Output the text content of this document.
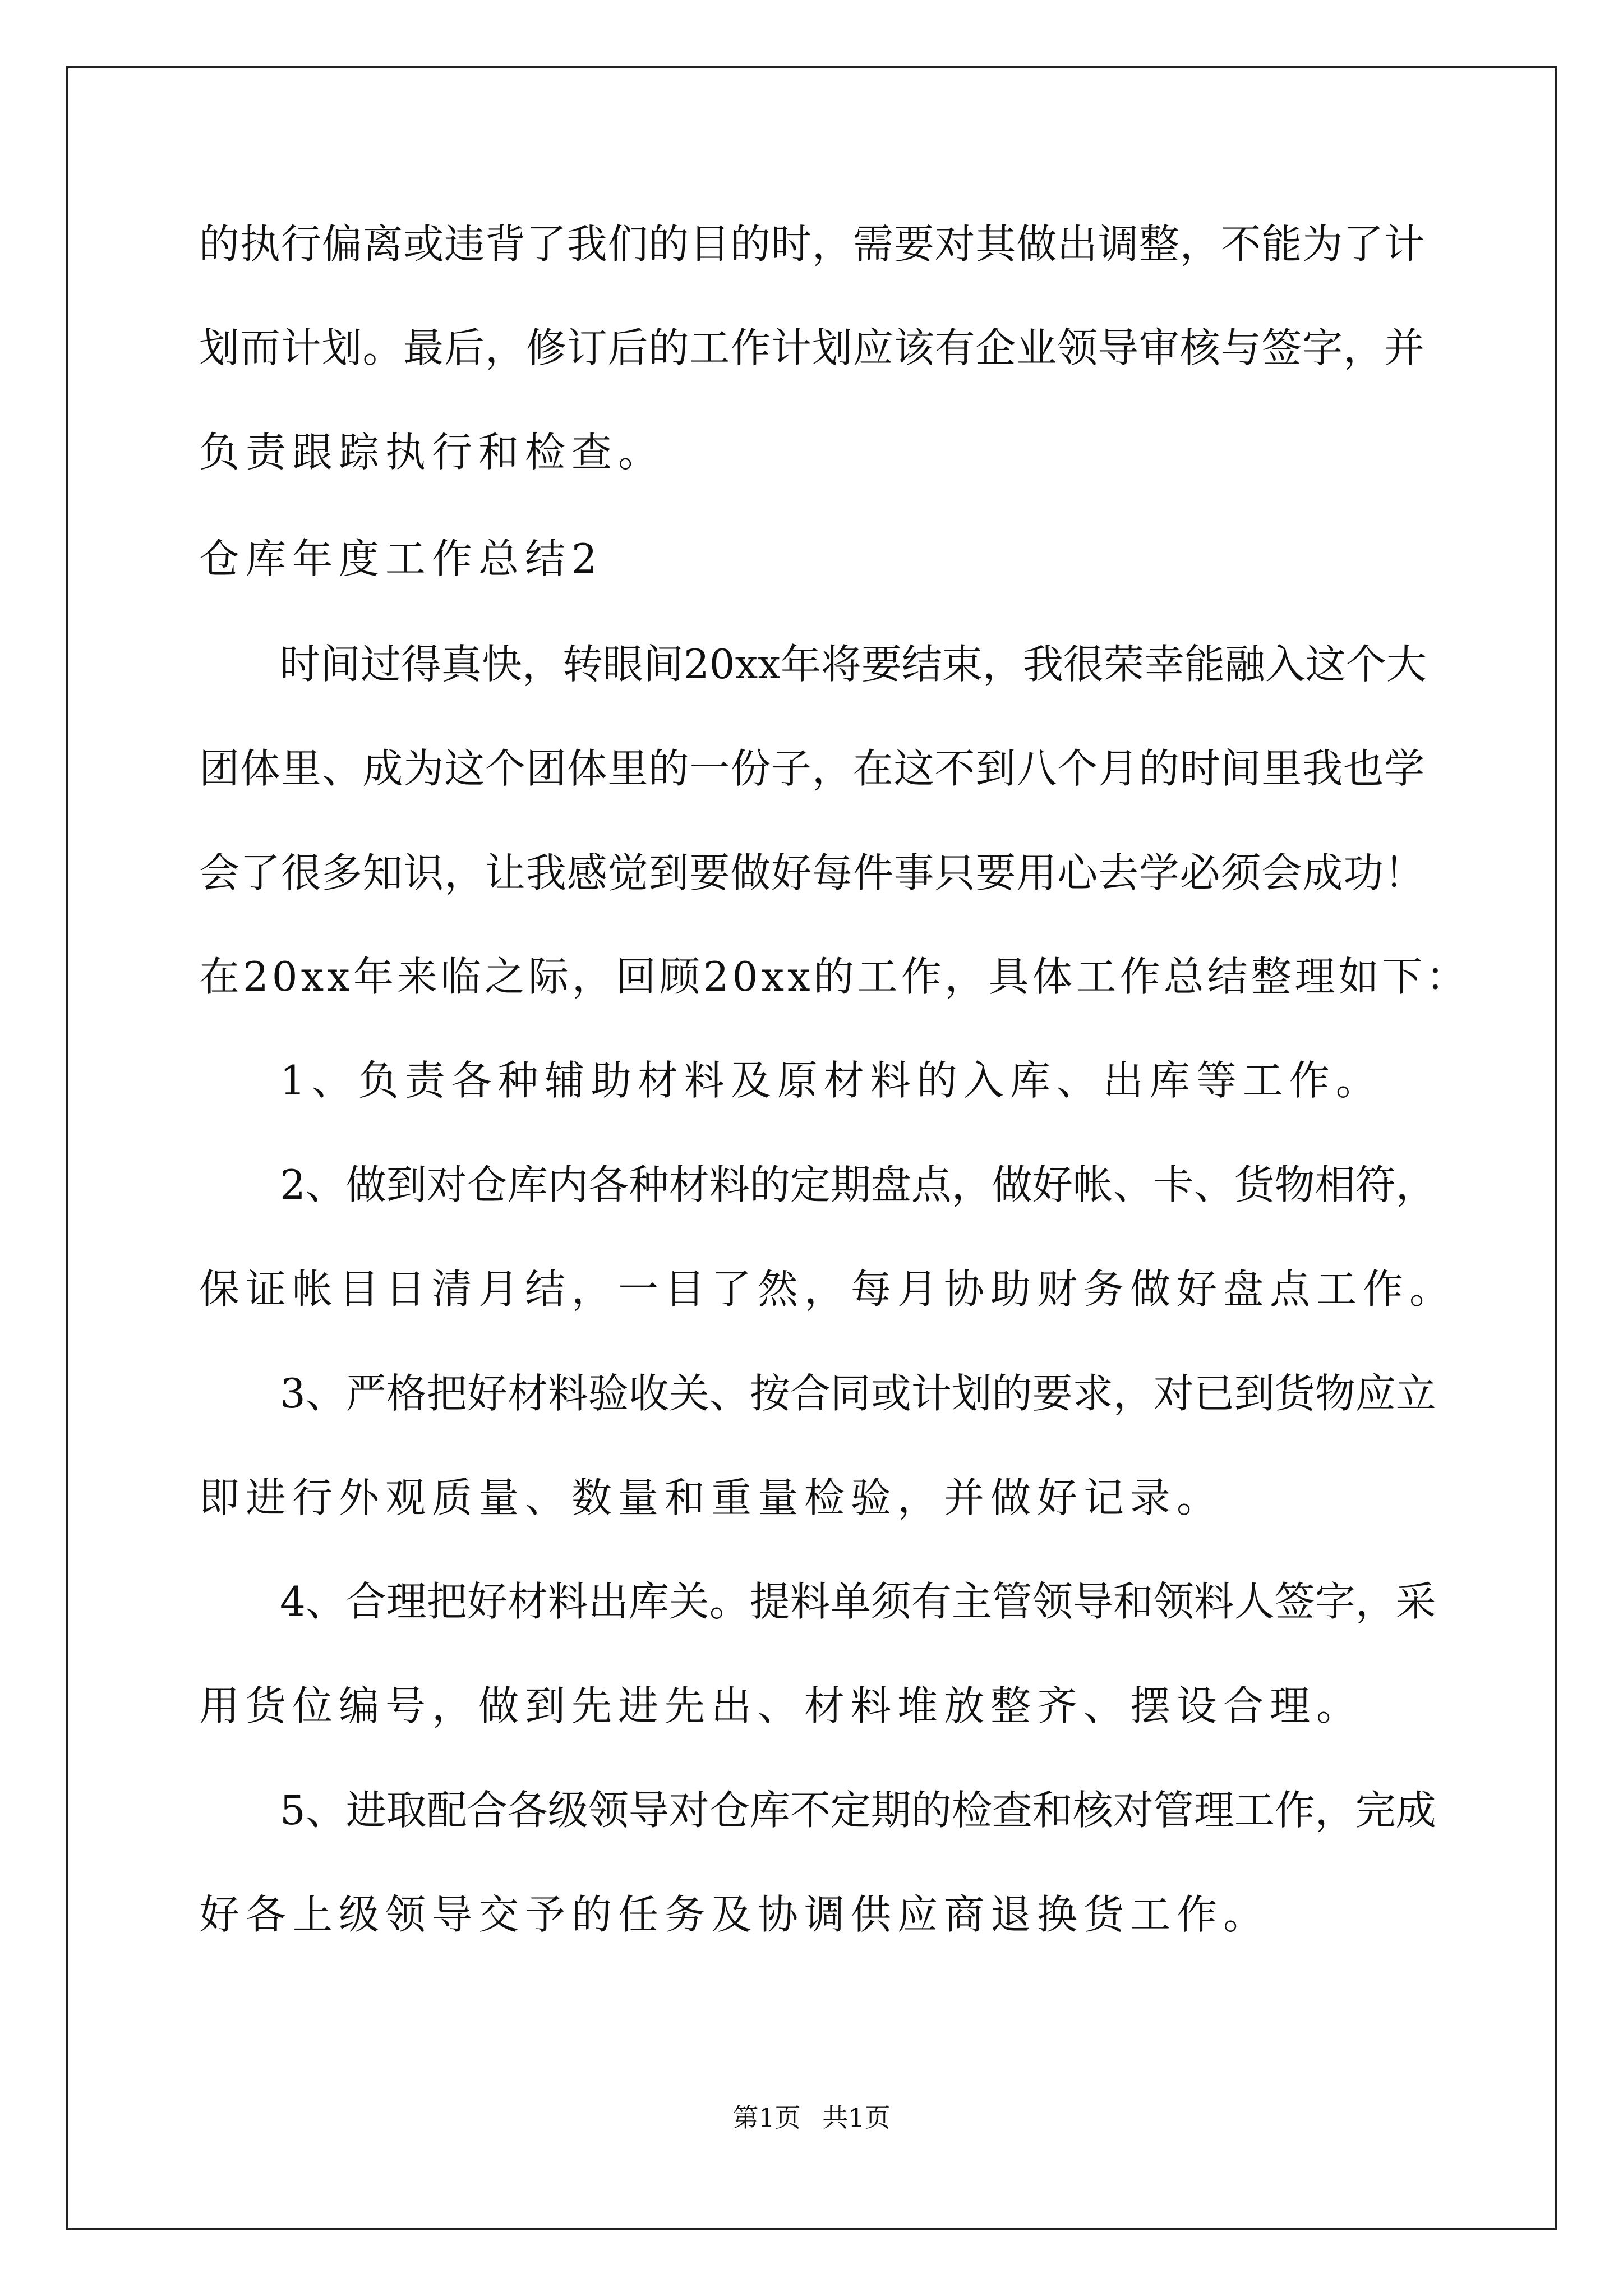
的执行偏离或违背了我们的目的时，需要对其做出调整，不能为了计
划而计划。最后，修订后的工作计划应该有企业领导审核与签字，并
负责跟踪执行和检查。
仓库年度工作总结2
时间过得真快，转眼间20xx年将要结束，我很荣幸能融入这个大
团体里、成为这个团体里的一份子，在这不到八个月的时间里我也学
会了很多知识，让我感觉到要做好每件事只要用心去学必须会成功！
在20xx年来临之际，回顾20xx的工作，具体工作总结整理如下：
1、负责各种辅助材料及原材料的入库、出库等工作。
2、做到对仓库内各种材料的定期盘点，做好帐、卡、货物相符，
保证帐目日清月结，一目了然，每月协助财务做好盘点工作。
3、严格把好材料验收关、按合同或计划的要求，对已到货物应立
即进行外观质量、数量和重量检验，并做好记录。
4、合理把好材料出库关。提料单须有主管领导和领料人签字，采
用货位编号，做到先进先出、材料堆放整齐、摆设合理。
5、进取配合各级领导对仓库不定期的检查和核对管理工作，完成
好各上级领导交予的任务及协调供应商退换货工作。
第1页 共1页
